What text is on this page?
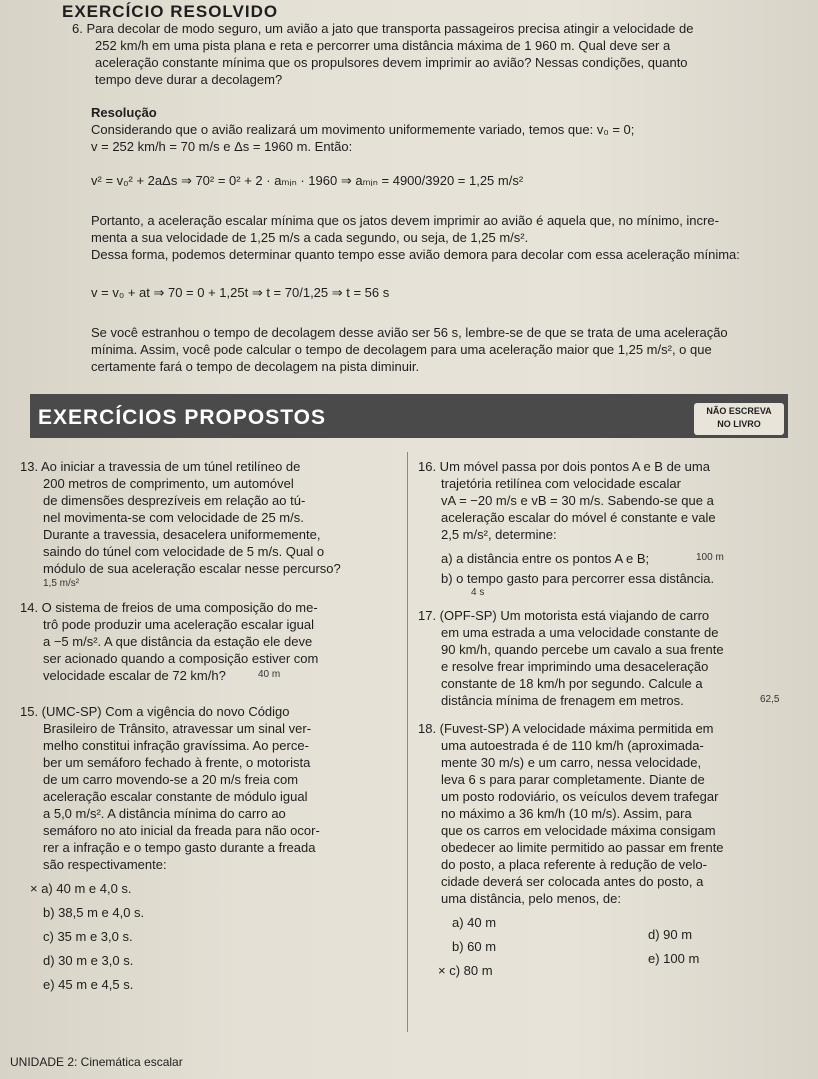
EXERCÍCIO RESOLVIDO
6. Para decolar de modo seguro, um avião a jato que transporta passageiros precisa atingir a velocidade de
252 km/h em uma pista plana e reta e percorrer uma distância máxima de 1 960 m. Qual deve ser a
aceleração constante mínima que os propulsores devem imprimir ao avião? Nessas condições, quanto
tempo deve durar a decolagem?
Resolução
Considerando que o avião realizará um movimento uniformemente variado, temos que: v₀ = 0;
v = 252 km/h = 70 m/s e Δs = 1960 m. Então:
v² = v₀² + 2aΔs ⇒ 70² = 0² + 2 · aₘᵢₙ · 1960 ⇒ aₘᵢₙ = 4900/3920 = 1,25 m/s²
Portanto, a aceleração escalar mínima que os jatos devem imprimir ao avião é aquela que, no mínimo, incre-
menta a sua velocidade de 1,25 m/s a cada segundo, ou seja, de 1,25 m/s².
Dessa forma, podemos determinar quanto tempo esse avião demora para decolar com essa aceleração mínima:
v = v₀ + at ⇒ 70 = 0 + 1,25t ⇒ t = 70/1,25 ⇒ t = 56 s
Se você estranhou o tempo de decolagem desse avião ser 56 s, lembre-se de que se trata de uma aceleração
mínima. Assim, você pode calcular o tempo de decolagem para uma aceleração maior que 1,25 m/s², o que
certamente fará o tempo de decolagem na pista diminuir.
EXERCÍCIOS PROPOSTOS	NÃO ESCREVA
NO LIVRO
13. Ao iniciar a travessia de um túnel retilíneo de
200 metros de comprimento, um automóvel
de dimensões desprezíveis em relação ao tú-
nel movimenta-se com velocidade de 25 m/s.
Durante a travessia, desacelera uniformemente,
saindo do túnel com velocidade de 5 m/s. Qual o
módulo de sua aceleração escalar nesse percurso?
1,5 m/s²
14. O sistema de freios de uma composição do me-
trô pode produzir uma aceleração escalar igual
a −5 m/s². A que distância da estação ele deve
ser acionado quando a composição estiver com
velocidade escalar de 72 km/h?	40 m
15. (UMC-SP) Com a vigência do novo Código
Brasileiro de Trânsito, atravessar um sinal ver-
melho constitui infração gravíssima. Ao perce-
ber um semáforo fechado à frente, o motorista
de um carro movendo-se a 20 m/s freia com
aceleração escalar constante de módulo igual
a 5,0 m/s². A distância mínima do carro ao
semáforo no ato inicial da freada para não ocor-
rer a infração e o tempo gasto durante a freada
são respectivamente:
× a) 40 m e 4,0 s.
b) 38,5 m e 4,0 s.
c) 35 m e 3,0 s.
d) 30 m e 3,0 s.
e) 45 m e 4,5 s.
16. Um móvel passa por dois pontos A e B de uma
trajetória retilínea com velocidade escalar
vA = −20 m/s e vB = 30 m/s. Sabendo-se que a
aceleração escalar do móvel é constante e vale
2,5 m/s², determine:
a) a distância entre os pontos A e B;	100 m
b) o tempo gasto para percorrer essa distância.
4 s
17. (OPF-SP) Um motorista está viajando de carro
em uma estrada a uma velocidade constante de
90 km/h, quando percebe um cavalo a sua frente
e resolve frear imprimindo uma desaceleração
constante de 18 km/h por segundo. Calcule a
distância mínima de frenagem em metros.	62,5
18. (Fuvest-SP) A velocidade máxima permitida em
uma autoestrada é de 110 km/h (aproximada-
mente 30 m/s) e um carro, nessa velocidade,
leva 6 s para parar completamente. Diante de
um posto rodoviário, os veículos devem trafegar
no máximo a 36 km/h (10 m/s). Assim, para
que os carros em velocidade máxima consigam
obedecer ao limite permitido ao passar em frente
do posto, a placa referente à redução de velo-
cidade deverá ser colocada antes do posto, a
uma distância, pelo menos, de:
a) 40 m
d) 90 m
b) 60 m
e) 100 m
× c) 80 m
UNIDADE 2: Cinemática escalar
